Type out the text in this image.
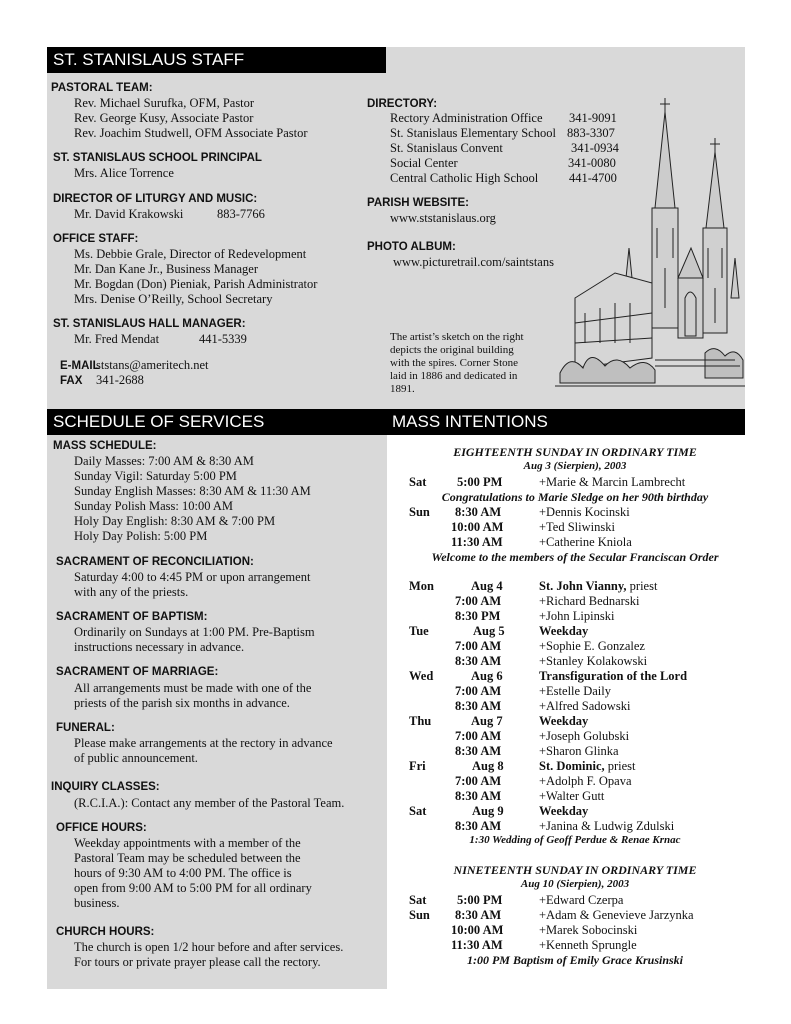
ST. STANISLAUS STAFF
PASTORAL TEAM:
Rev. Michael Surufka, OFM, Pastor
Rev. George Kusy, Associate Pastor
Rev. Joachim Studwell, OFM Associate Pastor
ST. STANISLAUS SCHOOL PRINCIPAL
Mrs. Alice Torrence
DIRECTOR OF LITURGY AND MUSIC:
Mr. David Krakowski	883-7766
OFFICE STAFF:
Ms. Debbie Grale, Director of Redevelopment
Mr. Dan Kane Jr., Business Manager
Mr. Bogdan (Don) Pieniak, Parish Administrator
Mrs. Denise O’Reilly, School Secretary
ST. STANISLAUS HALL MANAGER:
Mr. Fred Mendat	441-5339
E-MAIL
ststans@ameritech.net
FAX 341-2688
DIRECTORY:
Rectory Administration Office 341-9091
St. Stanislaus Elementary School 883-3307
St. Stanislaus Convent	341-0934
Social Center	341-0080
Central Catholic High School 441-4700
PARISH WEBSITE:
www.ststanislaus.org
PHOTO ALBUM:
www.picturetrail.com/saintstans
The artist’s sketch on the right
depicts the original building
with the spires. Corner Stone
laid in 1886 and dedicated in
1891.
SCHEDULE OF SERVICES
MASS SCHEDULE:
Daily Masses: 7:00 AM & 8:30 AM
Sunday Vigil: Saturday 5:00 PM
Sunday English Masses: 8:30 AM & 11:30 AM
Sunday Polish Mass: 10:00 AM
Holy Day English: 8:30 AM & 7:00 PM
Holy Day Polish: 5:00 PM
SACRAMENT OF RECONCILIATION:
Saturday 4:00 to 4:45 PM or upon arrangement
with any of the priests.
SACRAMENT OF BAPTISM:
Ordinarily on Sundays at 1:00 PM. Pre-Baptism
instructions necessary in advance.
SACRAMENT OF MARRIAGE:
All arrangements must be made with one of the
priests of the parish six months in advance.
FUNERAL:
Please make arrangements at the rectory in advance
of public announcement.
INQUIRY CLASSES:
(R.C.I.A.): Contact any member of the Pastoral Team.
OFFICE HOURS:
Weekday appointments with a member of the
Pastoral Team may be scheduled between the
hours of 9:30 AM to 4:00 PM. The office is
open from 9:00 AM to 5:00 PM for all ordinary
business.
CHURCH HOURS:
The church is open 1/2 hour before and after services.
For tours or private prayer please call the rectory.
MASS INTENTIONS
EIGHTEENTH SUNDAY IN ORDINARY TIME
Aug 3 (Sierpien), 2003
Sat 5:00 PM	+Marie & Marcin Lambrecht
Congratulations to Marie Sledge on her 90th birthday
Sun 8:30 AM	+Dennis Kocinski
10:00 AM	+Ted Sliwinski
11:30 AM	+Catherine Kniola
Welcome to the members of the Secular Franciscan Order
Mon	Aug 4	St. John Vianny, priest
7:00 AM	+Richard Bednarski
8:30 PM	+John Lipinski
Tue	Aug 5	Weekday
7:00 AM	+Sophie E. Gonzalez
8:30 AM	+Stanley Kolakowski
Wed	Aug 6	Transfiguration of the Lord
7:00 AM	+Estelle Daily
8:30 AM	+Alfred Sadowski
Thu	Aug 7	Weekday
7:00 AM	+Joseph Golubski
8:30 AM	+Sharon Glinka
Fri	Aug 8	St. Dominic, priest
7:00 AM	+Adolph F. Opava
8:30 AM	+Walter Gutt
Sat	Aug 9	Weekday
8:30 AM	+Janina & Ludwig Zdulski
1:30 Wedding of Geoff Perdue & Renae Krnac
NINETEENTH SUNDAY IN ORDINARY TIME
Aug 10 (Sierpien), 2003
Sat 5:00 PM	+Edward Czerpa
Sun 8:30 AM	+Adam & Genevieve Jarzynka
10:00 AM	+Marek Sobocinski
11:30 AM	+Kenneth Sprungle
1:00 PM Baptism of Emily Grace Krusinski
